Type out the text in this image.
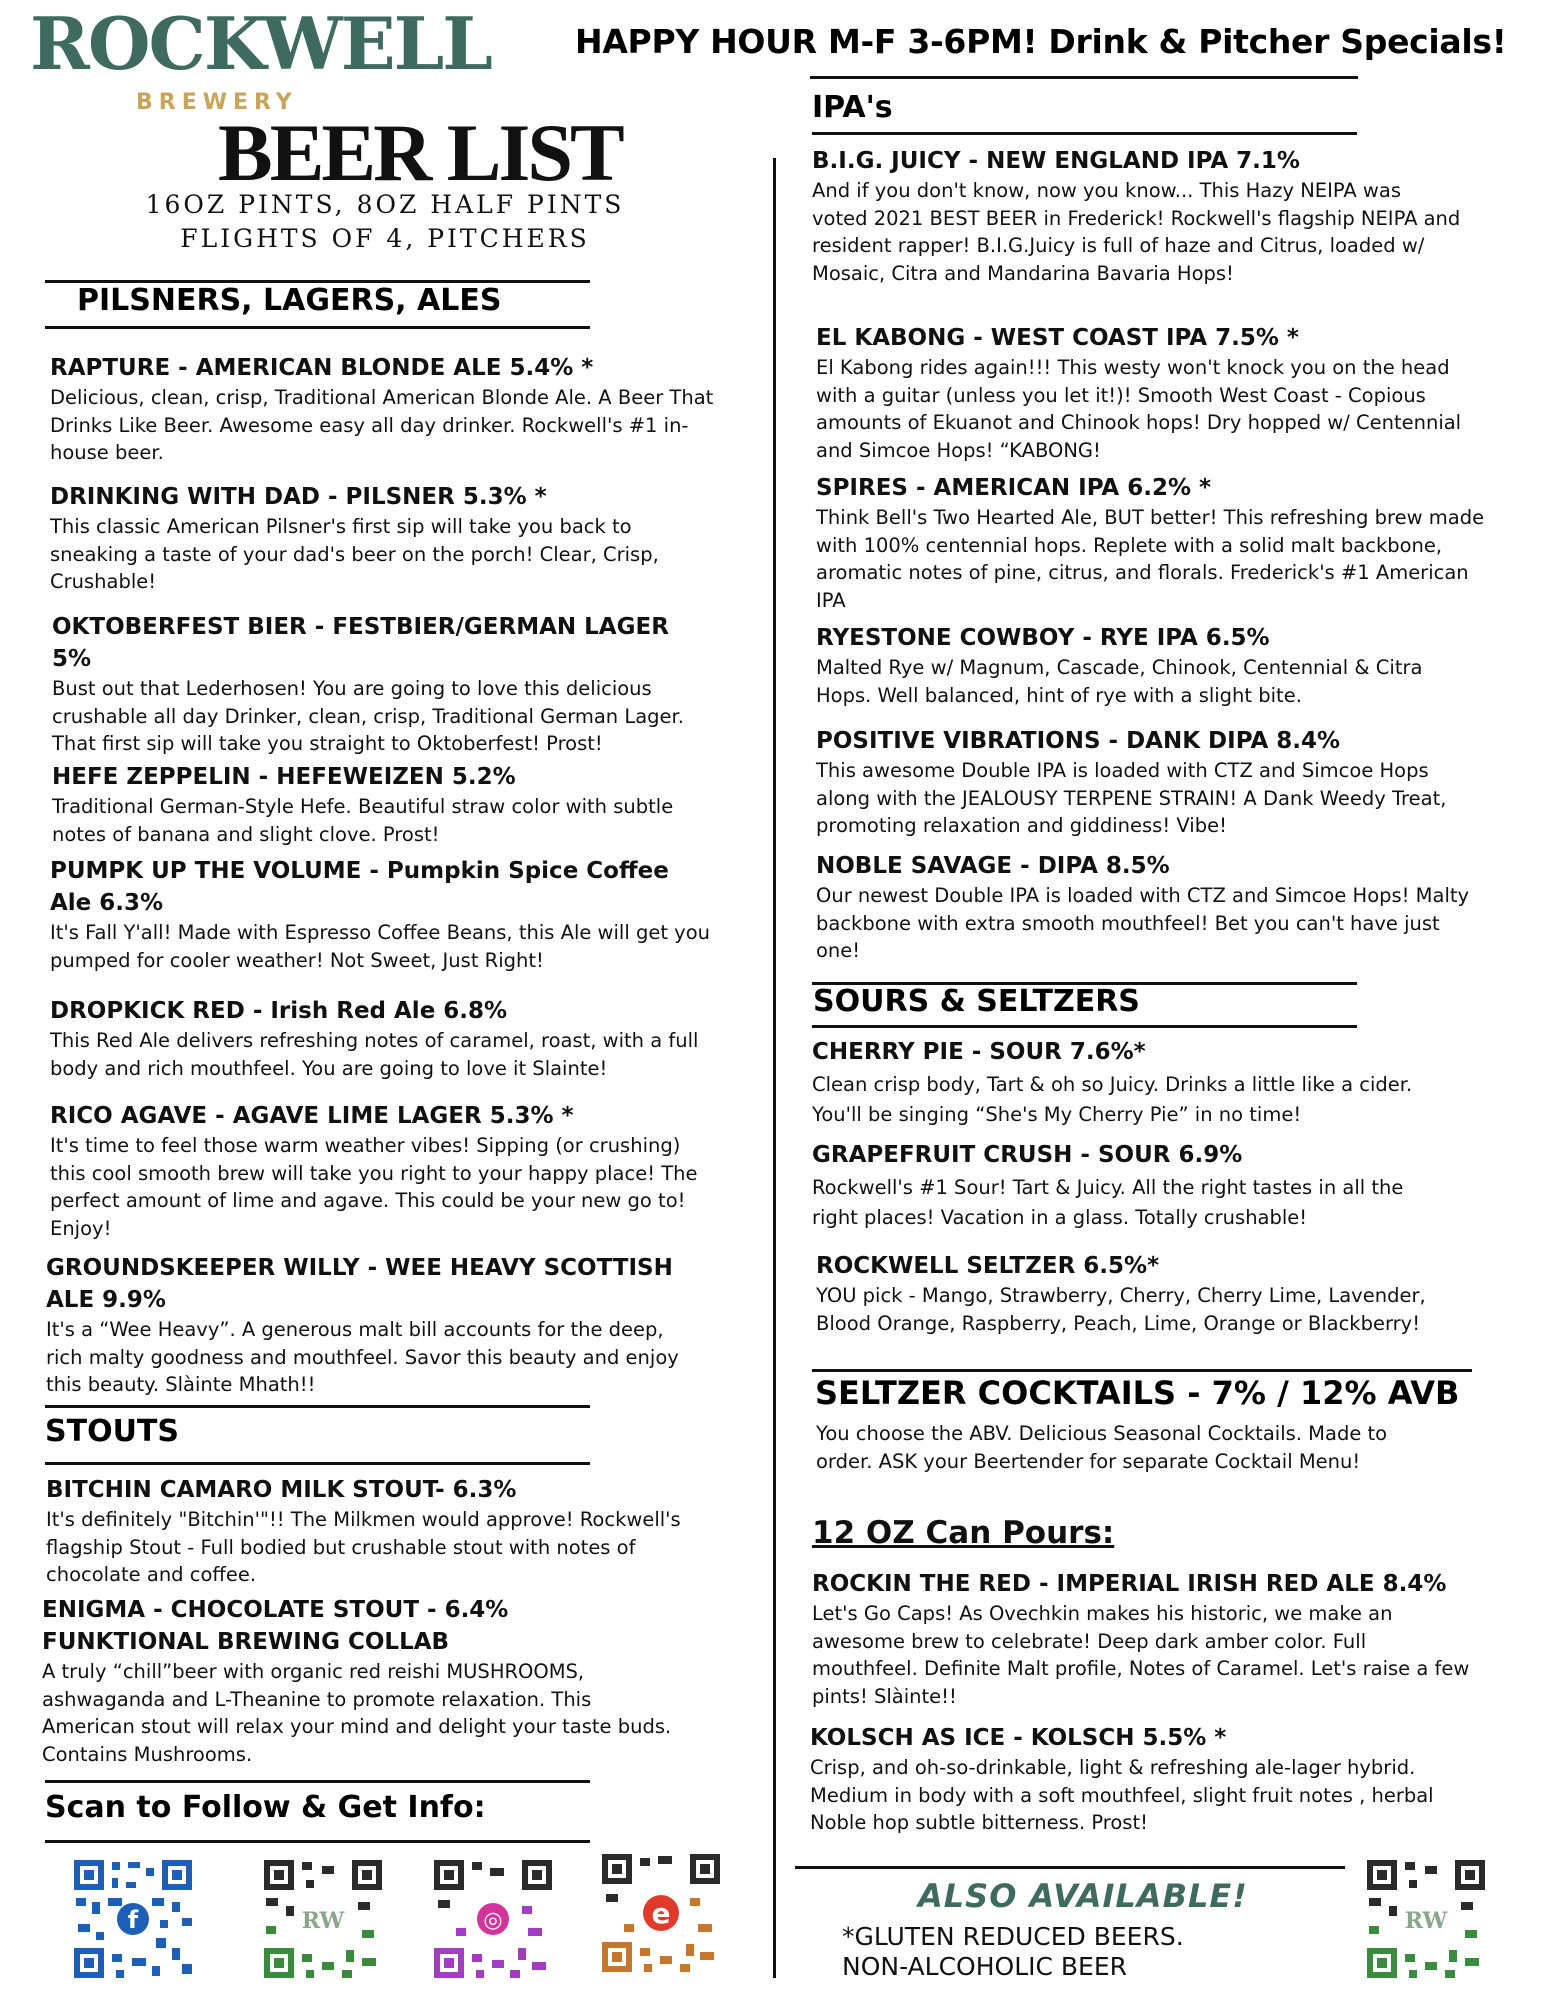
ROCKWELL
BREWERY
HAPPY HOUR M-F 3-6PM! Drink & Pitcher Specials!
BEER LIST
16OZ PINTS, 8OZ HALF PINTS
FLIGHTS OF 4, PITCHERS
PILSNERS, LAGERS, ALES
RAPTURE - AMERICAN BLONDE ALE 5.4% *
Delicious, clean, crisp, Traditional American Blonde Ale. A Beer That Drinks Like Beer. Awesome easy all day drinker. Rockwell's #1 in-house beer.
DRINKING WITH DAD - PILSNER 5.3% *
This classic American Pilsner's first sip will take you back to sneaking a taste of your dad's beer on the porch! Clear, Crisp, Crushable!
OKTOBERFEST BIER - FESTBIER/GERMAN LAGER 5%
Bust out that Lederhosen! You are going to love this delicious crushable all day Drinker, clean, crisp, Traditional German Lager. That first sip will take you straight to Oktoberfest! Prost!
HEFE ZEPPELIN - HEFEWEIZEN 5.2%
Traditional German-Style Hefe. Beautiful straw color with subtle notes of banana and slight clove. Prost!
PUMPK UP THE VOLUME - Pumpkin Spice Coffee Ale 6.3%
It's Fall Y'all! Made with Espresso Coffee Beans, this Ale will get you pumped for cooler weather! Not Sweet, Just Right!
DROPKICK RED - Irish Red Ale 6.8%
This Red Ale delivers refreshing notes of caramel, roast, with a full body and rich mouthfeel. You are going to love it Slainte!
RICO AGAVE - AGAVE LIME LAGER 5.3% *
It's time to feel those warm weather vibes! Sipping (or crushing) this cool smooth brew will take you right to your happy place! The perfect amount of lime and agave. This could be your new go to! Enjoy!
GROUNDSKEEPER WILLY - WEE HEAVY SCOTTISH ALE 9.9%
It's a “Wee Heavy”. A generous malt bill accounts for the deep, rich malty goodness and mouthfeel. Savor this beauty and enjoy this beauty. Slàinte Mhath!!
STOUTS
BITCHIN CAMARO MILK STOUT- 6.3%
It's definitely "Bitchin'"!! The Milkmen would approve! Rockwell's flagship Stout - Full bodied but crushable stout with notes of chocolate and coffee.
ENIGMA - CHOCOLATE STOUT - 6.4% FUNKTIONAL BREWING COLLAB
A truly “chill”beer with organic red reishi MUSHROOMS, ashwaganda and L-Theanine to promote relaxation. This American stout will relax your mind and delight your taste buds. Contains Mushrooms.
Scan to Follow & Get Info:
f	RW	◎	e
IPA's
B.I.G. JUICY - NEW ENGLAND IPA 7.1%
And if you don't know, now you know... This Hazy NEIPA was voted 2021 BEST BEER in Frederick! Rockwell's flagship NEIPA and resident rapper! B.I.G.Juicy is full of haze and Citrus, loaded w/ Mosaic, Citra and Mandarina Bavaria Hops!
EL KABONG - WEST COAST IPA 7.5% *
El Kabong rides again!!! This westy won't knock you on the head with a guitar (unless you let it!)! Smooth West Coast - Copious amounts of Ekuanot and Chinook hops! Dry hopped w/ Centennial and Simcoe Hops! “KABONG!
SPIRES - AMERICAN IPA 6.2% *
Think Bell's Two Hearted Ale, BUT better! This refreshing brew made with 100% centennial hops. Replete with a solid malt backbone, aromatic notes of pine, citrus, and florals. Frederick's #1 American IPA
RYESTONE COWBOY - RYE IPA 6.5%
Malted Rye w/ Magnum, Cascade, Chinook, Centennial & Citra Hops. Well balanced, hint of rye with a slight bite.
POSITIVE VIBRATIONS - DANK DIPA 8.4%
This awesome Double IPA is loaded with CTZ and Simcoe Hops along with the JEALOUSY TERPENE STRAIN! A Dank Weedy Treat, promoting relaxation and giddiness! Vibe!
NOBLE SAVAGE - DIPA 8.5%
Our newest Double IPA is loaded with CTZ and Simcoe Hops! Malty backbone with extra smooth mouthfeel! Bet you can't have just one!
SOURS & SELTZERS
CHERRY PIE - SOUR 7.6%*
Clean crisp body, Tart & oh so Juicy. Drinks a little like a cider. You'll be singing “She's My Cherry Pie” in no time!
GRAPEFRUIT CRUSH - SOUR 6.9%
Rockwell's #1 Sour! Tart & Juicy. All the right tastes in all the right places! Vacation in a glass. Totally crushable!
ROCKWELL SELTZER 6.5%*
YOU pick - Mango, Strawberry, Cherry, Cherry Lime, Lavender, Blood Orange, Raspberry, Peach, Lime, Orange or Blackberry!
SELTZER COCKTAILS - 7% / 12% AVB
You choose the ABV. Delicious Seasonal Cocktails. Made to order. ASK your Beertender for separate Cocktail Menu!
12 OZ Can Pours:
ROCKIN THE RED - IMPERIAL IRISH RED ALE 8.4%
Let's Go Caps! As Ovechkin makes his historic, we make an awesome brew to celebrate! Deep dark amber color. Full mouthfeel. Definite Malt profile, Notes of Caramel. Let's raise a few pints! Slàinte!!
KOLSCH AS ICE - KOLSCH 5.5% *
Crisp, and oh-so-drinkable, light & refreshing ale-lager hybrid. Medium in body with a soft mouthfeel, slight fruit notes , herbal Noble hop subtle bitterness. Prost!
ALSO AVAILABLE!
*GLUTEN REDUCED BEERS.
NON-ALCOHOLIC BEER
RW
